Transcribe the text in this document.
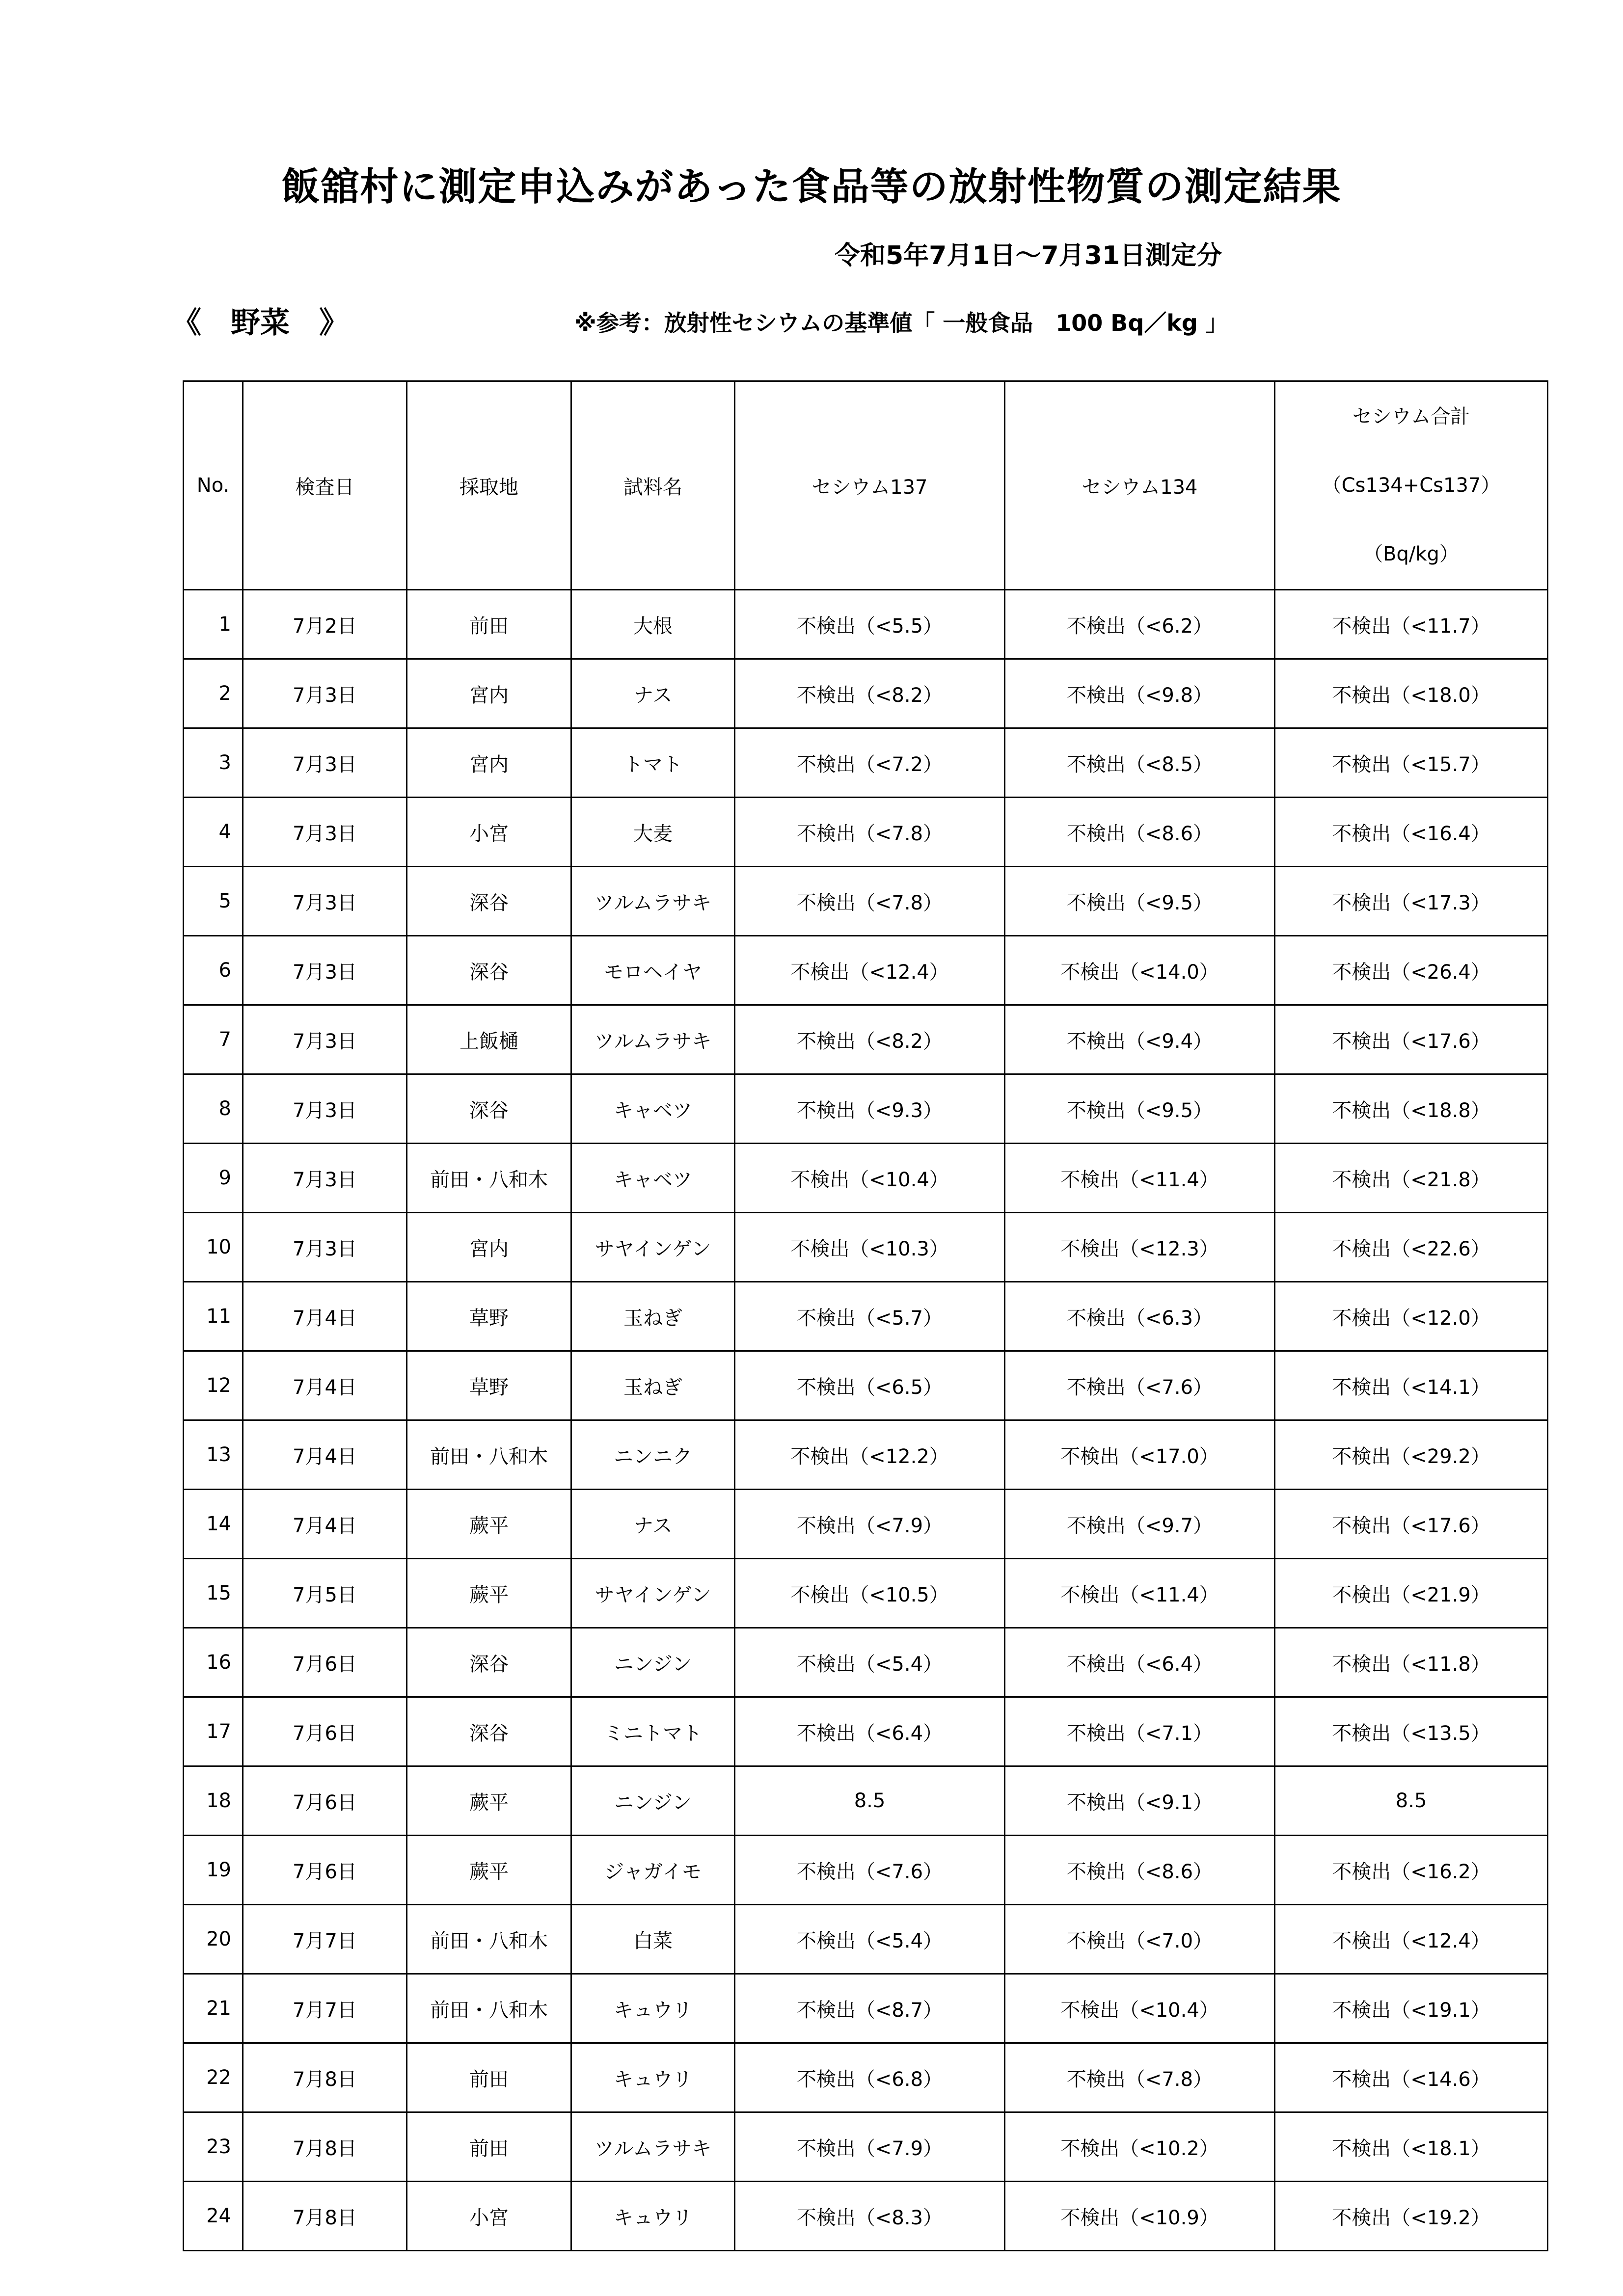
飯舘村に測定申込みがあった食品等の放射性物質の測定結果
令和5年7月1日～7月31日測定分
《　野菜　》	※参考：放射性セシウムの基準値「 一般食品　100 Bq／kg 」
No.	検査日	採取地	試料名	セシウム137	セシウム134	セシウム合計
（Cs134+Cs137）
（Bq/kg）

1	7月2日	前田	大根	不検出（<5.5）	不検出（<6.2）	不検出（<11.7）
2	7月3日	宮内	ナス	不検出（<8.2）	不検出（<9.8）	不検出（<18.0）
3	7月3日	宮内	トマト	不検出（<7.2）	不検出（<8.5）	不検出（<15.7）
4	7月3日	小宮	大麦	不検出（<7.8）	不検出（<8.6）	不検出（<16.4）
5	7月3日	深谷	ツルムラサキ	不検出（<7.8）	不検出（<9.5）	不検出（<17.3）
6	7月3日	深谷	モロヘイヤ	不検出（<12.4）	不検出（<14.0）	不検出（<26.4）
7	7月3日	上飯樋	ツルムラサキ	不検出（<8.2）	不検出（<9.4）	不検出（<17.6）
8	7月3日	深谷	キャベツ	不検出（<9.3）	不検出（<9.5）	不検出（<18.8）
9	7月3日	前田・八和木	キャベツ	不検出（<10.4）	不検出（<11.4）	不検出（<21.8）
10	7月3日	宮内	サヤインゲン	不検出（<10.3）	不検出（<12.3）	不検出（<22.6）
11	7月4日	草野	玉ねぎ	不検出（<5.7）	不検出（<6.3）	不検出（<12.0）
12	7月4日	草野	玉ねぎ	不検出（<6.5）	不検出（<7.6）	不検出（<14.1）
13	7月4日	前田・八和木	ニンニク	不検出（<12.2）	不検出（<17.0）	不検出（<29.2）
14	7月4日	蕨平	ナス	不検出（<7.9）	不検出（<9.7）	不検出（<17.6）
15	7月5日	蕨平	サヤインゲン	不検出（<10.5）	不検出（<11.4）	不検出（<21.9）
16	7月6日	深谷	ニンジン	不検出（<5.4）	不検出（<6.4）	不検出（<11.8）
17	7月6日	深谷	ミニトマト	不検出（<6.4）	不検出（<7.1）	不検出（<13.5）
18	7月6日	蕨平	ニンジン	8.5	不検出（<9.1）	8.5
19	7月6日	蕨平	ジャガイモ	不検出（<7.6）	不検出（<8.6）	不検出（<16.2）
20	7月7日	前田・八和木	白菜	不検出（<5.4）	不検出（<7.0）	不検出（<12.4）
21	7月7日	前田・八和木	キュウリ	不検出（<8.7）	不検出（<10.4）	不検出（<19.1）
22	7月8日	前田	キュウリ	不検出（<6.8）	不検出（<7.8）	不検出（<14.6）
23	7月8日	前田	ツルムラサキ	不検出（<7.9）	不検出（<10.2）	不検出（<18.1）
24	7月8日	小宮	キュウリ	不検出（<8.3）	不検出（<10.9）	不検出（<19.2）
